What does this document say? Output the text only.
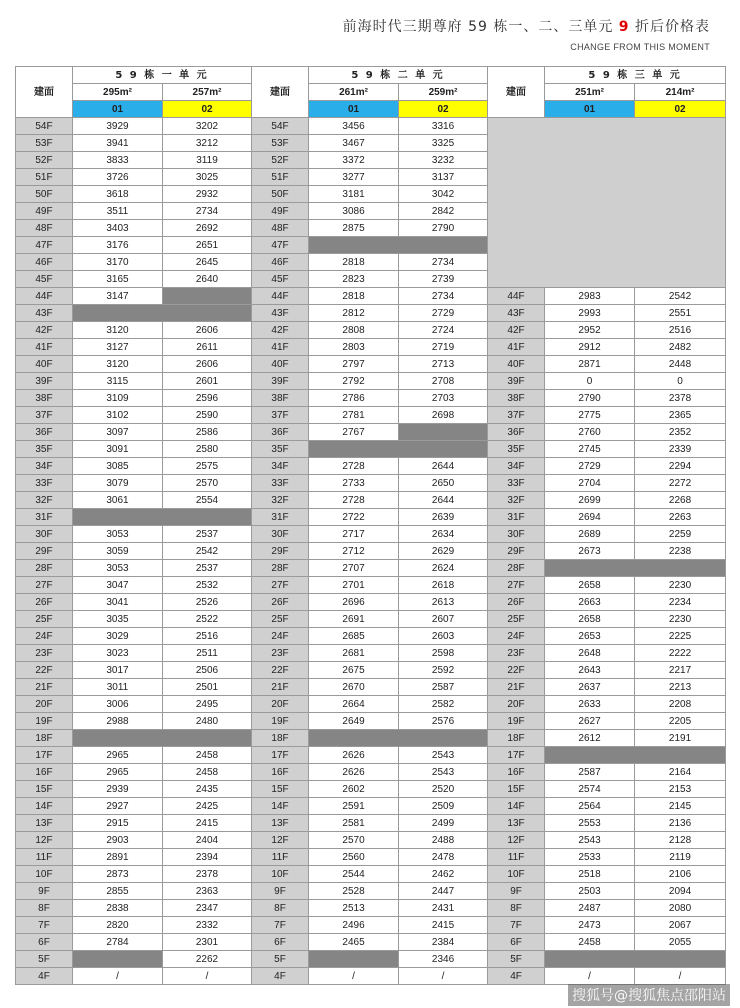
前海时代三期尊府 59 栋一、二、三单元 9 折后价格表
CHANGE FROM THIS MOMENT
建面	5 9 栋 一 单 元		建面	5 9 栋 二 单 元		建面	5 9 栋 三 单 元	
	295m²	257m²		261m²	259m²		251m²	214m²
	01	02		01	02		01	02
54F	3929	3202	54F	3456	3316			
53F	3941	3212	53F	3467	3325			
52F	3833	3119	52F	3372	3232			
51F	3726	3025	51F	3277	3137			
50F	3618	2932	50F	3181	3042			
49F	3511	2734	49F	3086	2842			
48F	3403	2692	48F	2875	2790			
47F	3176	2651	47F					
46F	3170	2645	46F	2818	2734			
45F	3165	2640	45F	2823	2739			
44F	3147		44F	2818	2734	44F	2983	2542
43F			43F	2812	2729	43F	2993	2551
42F	3120	2606	42F	2808	2724	42F	2952	2516
41F	3127	2611	41F	2803	2719	41F	2912	2482
40F	3120	2606	40F	2797	2713	40F	2871	2448
39F	3115	2601	39F	2792	2708	39F	0	0
38F	3109	2596	38F	2786	2703	38F	2790	2378
37F	3102	2590	37F	2781	2698	37F	2775	2365
36F	3097	2586	36F	2767		36F	2760	2352
35F	3091	2580	35F			35F	2745	2339
34F	3085	2575	34F	2728	2644	34F	2729	2294
33F	3079	2570	33F	2733	2650	33F	2704	2272
32F	3061	2554	32F	2728	2644	32F	2699	2268
31F			31F	2722	2639	31F	2694	2263
30F	3053	2537	30F	2717	2634	30F	2689	2259
29F	3059	2542	29F	2712	2629	29F	2673	2238
28F	3053	2537	28F	2707	2624	28F		
27F	3047	2532	27F	2701	2618	27F	2658	2230
26F	3041	2526	26F	2696	2613	26F	2663	2234
25F	3035	2522	25F	2691	2607	25F	2658	2230
24F	3029	2516	24F	2685	2603	24F	2653	2225
23F	3023	2511	23F	2681	2598	23F	2648	2222
22F	3017	2506	22F	2675	2592	22F	2643	2217
21F	3011	2501	21F	2670	2587	21F	2637	2213
20F	3006	2495	20F	2664	2582	20F	2633	2208
19F	2988	2480	19F	2649	2576	19F	2627	2205
18F			18F			18F	2612	2191
17F	2965	2458	17F	2626	2543	17F		
16F	2965	2458	16F	2626	2543	16F	2587	2164
15F	2939	2435	15F	2602	2520	15F	2574	2153
14F	2927	2425	14F	2591	2509	14F	2564	2145
13F	2915	2415	13F	2581	2499	13F	2553	2136
12F	2903	2404	12F	2570	2488	12F	2543	2128
11F	2891	2394	11F	2560	2478	11F	2533	2119
10F	2873	2378	10F	2544	2462	10F	2518	2106
9F	2855	2363	9F	2528	2447	9F	2503	2094
8F	2838	2347	8F	2513	2431	8F	2487	2080
7F	2820	2332	7F	2496	2415	7F	2473	2067
6F	2784	2301	6F	2465	2384	6F	2458	2055
5F		2262	5F		2346	5F		
4F	/	/	4F	/	/	4F	/	/
搜狐号@搜狐焦点邵阳站
